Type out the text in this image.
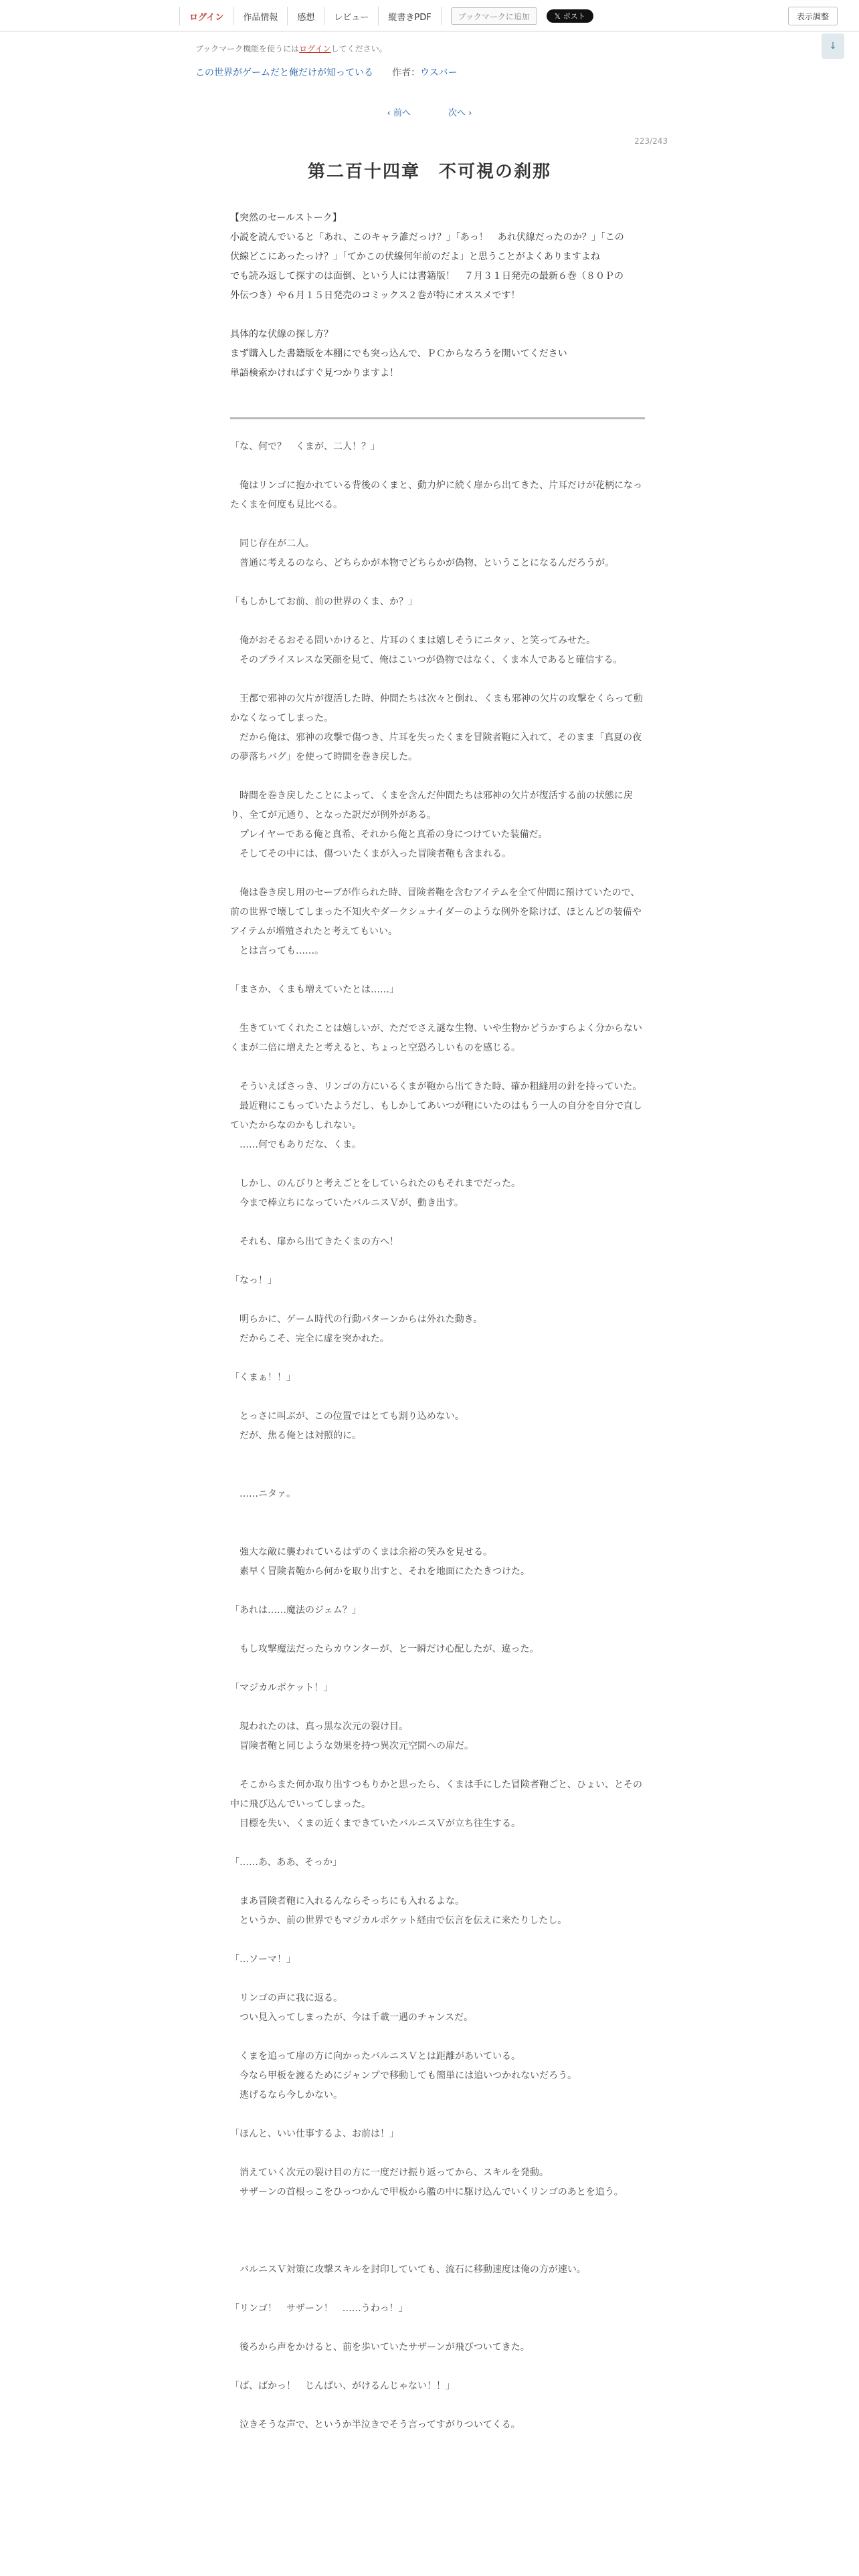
ログイン	作品情報	感想	レビュー	縦書きPDF	ブックマークに追加	𝕏 ポスト	表示調整
ブックマーク機能を使うにはログインしてください。	↓
この世界がゲームだと俺だけが知っている 作者：ウスバー
‹ 前へ	次へ ›
223/243
第二百十四章　不可視の刹那

【突然のセールストーク】

小説を読んでいると「あれ、このキャラ誰だっけ？」「あっ！　あれ伏線だったのか？」「この伏線どこにあったっけ？」「てかこの伏線何年前のだよ」と思うことがよくありますよね

でも読み返して探すのは面倒、という人には書籍版！　７月３１日発売の最新６巻（８０Ｐの外伝つき）や６月１５日発売のコミックス２巻が特にオススメです！

具体的な伏線の探し方？

まず購入した書籍版を本棚にでも突っ込んで、ＰＣからなろうを開いてください

単語検索かければすぐ見つかりますよ！

「な、何で？　くまが、二人！？」

　俺はリンゴに抱かれている背後のくまと、動力炉に続く扉から出てきた、片耳だけが花柄になったくまを何度も見比べる。

　同じ存在が二人。

　普通に考えるのなら、どちらかが本物でどちらかが偽物、ということになるんだろうが。

「もしかしてお前、前の世界のくま、か？」

　俺がおそるおそる問いかけると、片耳のくまは嬉しそうにニタァ、と笑ってみせた。

　そのプライスレスな笑顔を見て、俺はこいつが偽物ではなく、くま本人であると確信する。

　王都で邪神の欠片が復活した時、仲間たちは次々と倒れ、くまも邪神の欠片の攻撃をくらって動かなくなってしまった。

　だから俺は、邪神の攻撃で傷つき、片耳を失ったくまを冒険者鞄に入れて、そのまま「真夏の夜の夢落ちバグ」を使って時間を巻き戻した。

　時間を巻き戻したことによって、くまを含んだ仲間たちは邪神の欠片が復活する前の状態に戻り、全てが元通り、となった訳だが例外がある。

　プレイヤーである俺と真希、それから俺と真希の身につけていた装備だ。

　そしてその中には、傷ついたくまが入った冒険者鞄も含まれる。

　俺は巻き戻し用のセーブが作られた時、冒険者鞄を含むアイテムを全て仲間に預けていたので、前の世界で壊してしまった不知火やダークシュナイダーのような例外を除けば、ほとんどの装備やアイテムが増殖されたと考えてもいい。

　とは言っても……。

「まさか、くまも増えていたとは……」

　生きていてくれたことは嬉しいが、ただでさえ謎な生物、いや生物かどうかすらよく分からないくまが二倍に増えたと考えると、ちょっと空恐ろしいものを感じる。

　そういえばさっき、リンゴの方にいるくまが鞄から出てきた時、確か粗縫用の針を持っていた。

　最近鞄にこもっていたようだし、もしかしてあいつが鞄にいたのはもう一人の自分を自分で直していたからなのかもしれない。

　……何でもありだな、くま。

　しかし、のんびりと考えごとをしていられたのもそれまでだった。

　今まで棒立ちになっていたバルニスＶが、動き出す。

　それも、扉から出てきたくまの方へ！

「なっ！」

　明らかに、ゲーム時代の行動パターンからは外れた動き。

　だからこそ、完全に虚を突かれた。

「くまぁ！！」

　とっさに叫ぶが、この位置ではとても割り込めない。

　だが、焦る俺とは対照的に。

　……ニタァ。

　強大な敵に襲われているはずのくまは余裕の笑みを見せる。

　素早く冒険者鞄から何かを取り出すと、それを地面にたたきつけた。

「あれは……魔法のジェム？」

　もし攻撃魔法だったらカウンターが、と一瞬だけ心配したが、違った。

「マジカルポケット！」

　現われたのは、真っ黒な次元の裂け目。

　冒険者鞄と同じような効果を持つ異次元空間への扉だ。

　そこからまた何か取り出すつもりかと思ったら、くまは手にした冒険者鞄ごと、ひょい、とその中に飛び込んでいってしまった。

　目標を失い、くまの近くまできていたバルニスＶが立ち往生する。

「……あ、ああ、そっか」

　まあ冒険者鞄に入れるんならそっちにも入れるよな。

　というか、前の世界でもマジカルポケット経由で伝言を伝えに来たりしたし。

「…ソーマ！」

　リンゴの声に我に返る。

　つい見入ってしまったが、今は千載一遇のチャンスだ。

　くまを追って扉の方に向かったバルニスＶとは距離があいている。

　今なら甲板を渡るためにジャンプで移動しても簡単には追いつかれないだろう。

　逃げるなら今しかない。

「ほんと、いい仕事するよ、お前は！」

　消えていく次元の裂け目の方に一度だけ振り返ってから、スキルを発動。

　サザーンの首根っこをひっつかんで甲板から艦の中に駆け込んでいくリンゴのあとを追う。

　バルニスＶ対策に攻撃スキルを封印していても、流石に移動速度は俺の方が速い。

「リンゴ！　サザーン！　……うわっ！」

　後ろから声をかけると、前を歩いていたサザーンが飛びついてきた。

「ば、ばかっ！　じんばい、がけるんじゃない！！」

　泣きそうな声で、というか半泣きでそう言ってすがりついてくる。
